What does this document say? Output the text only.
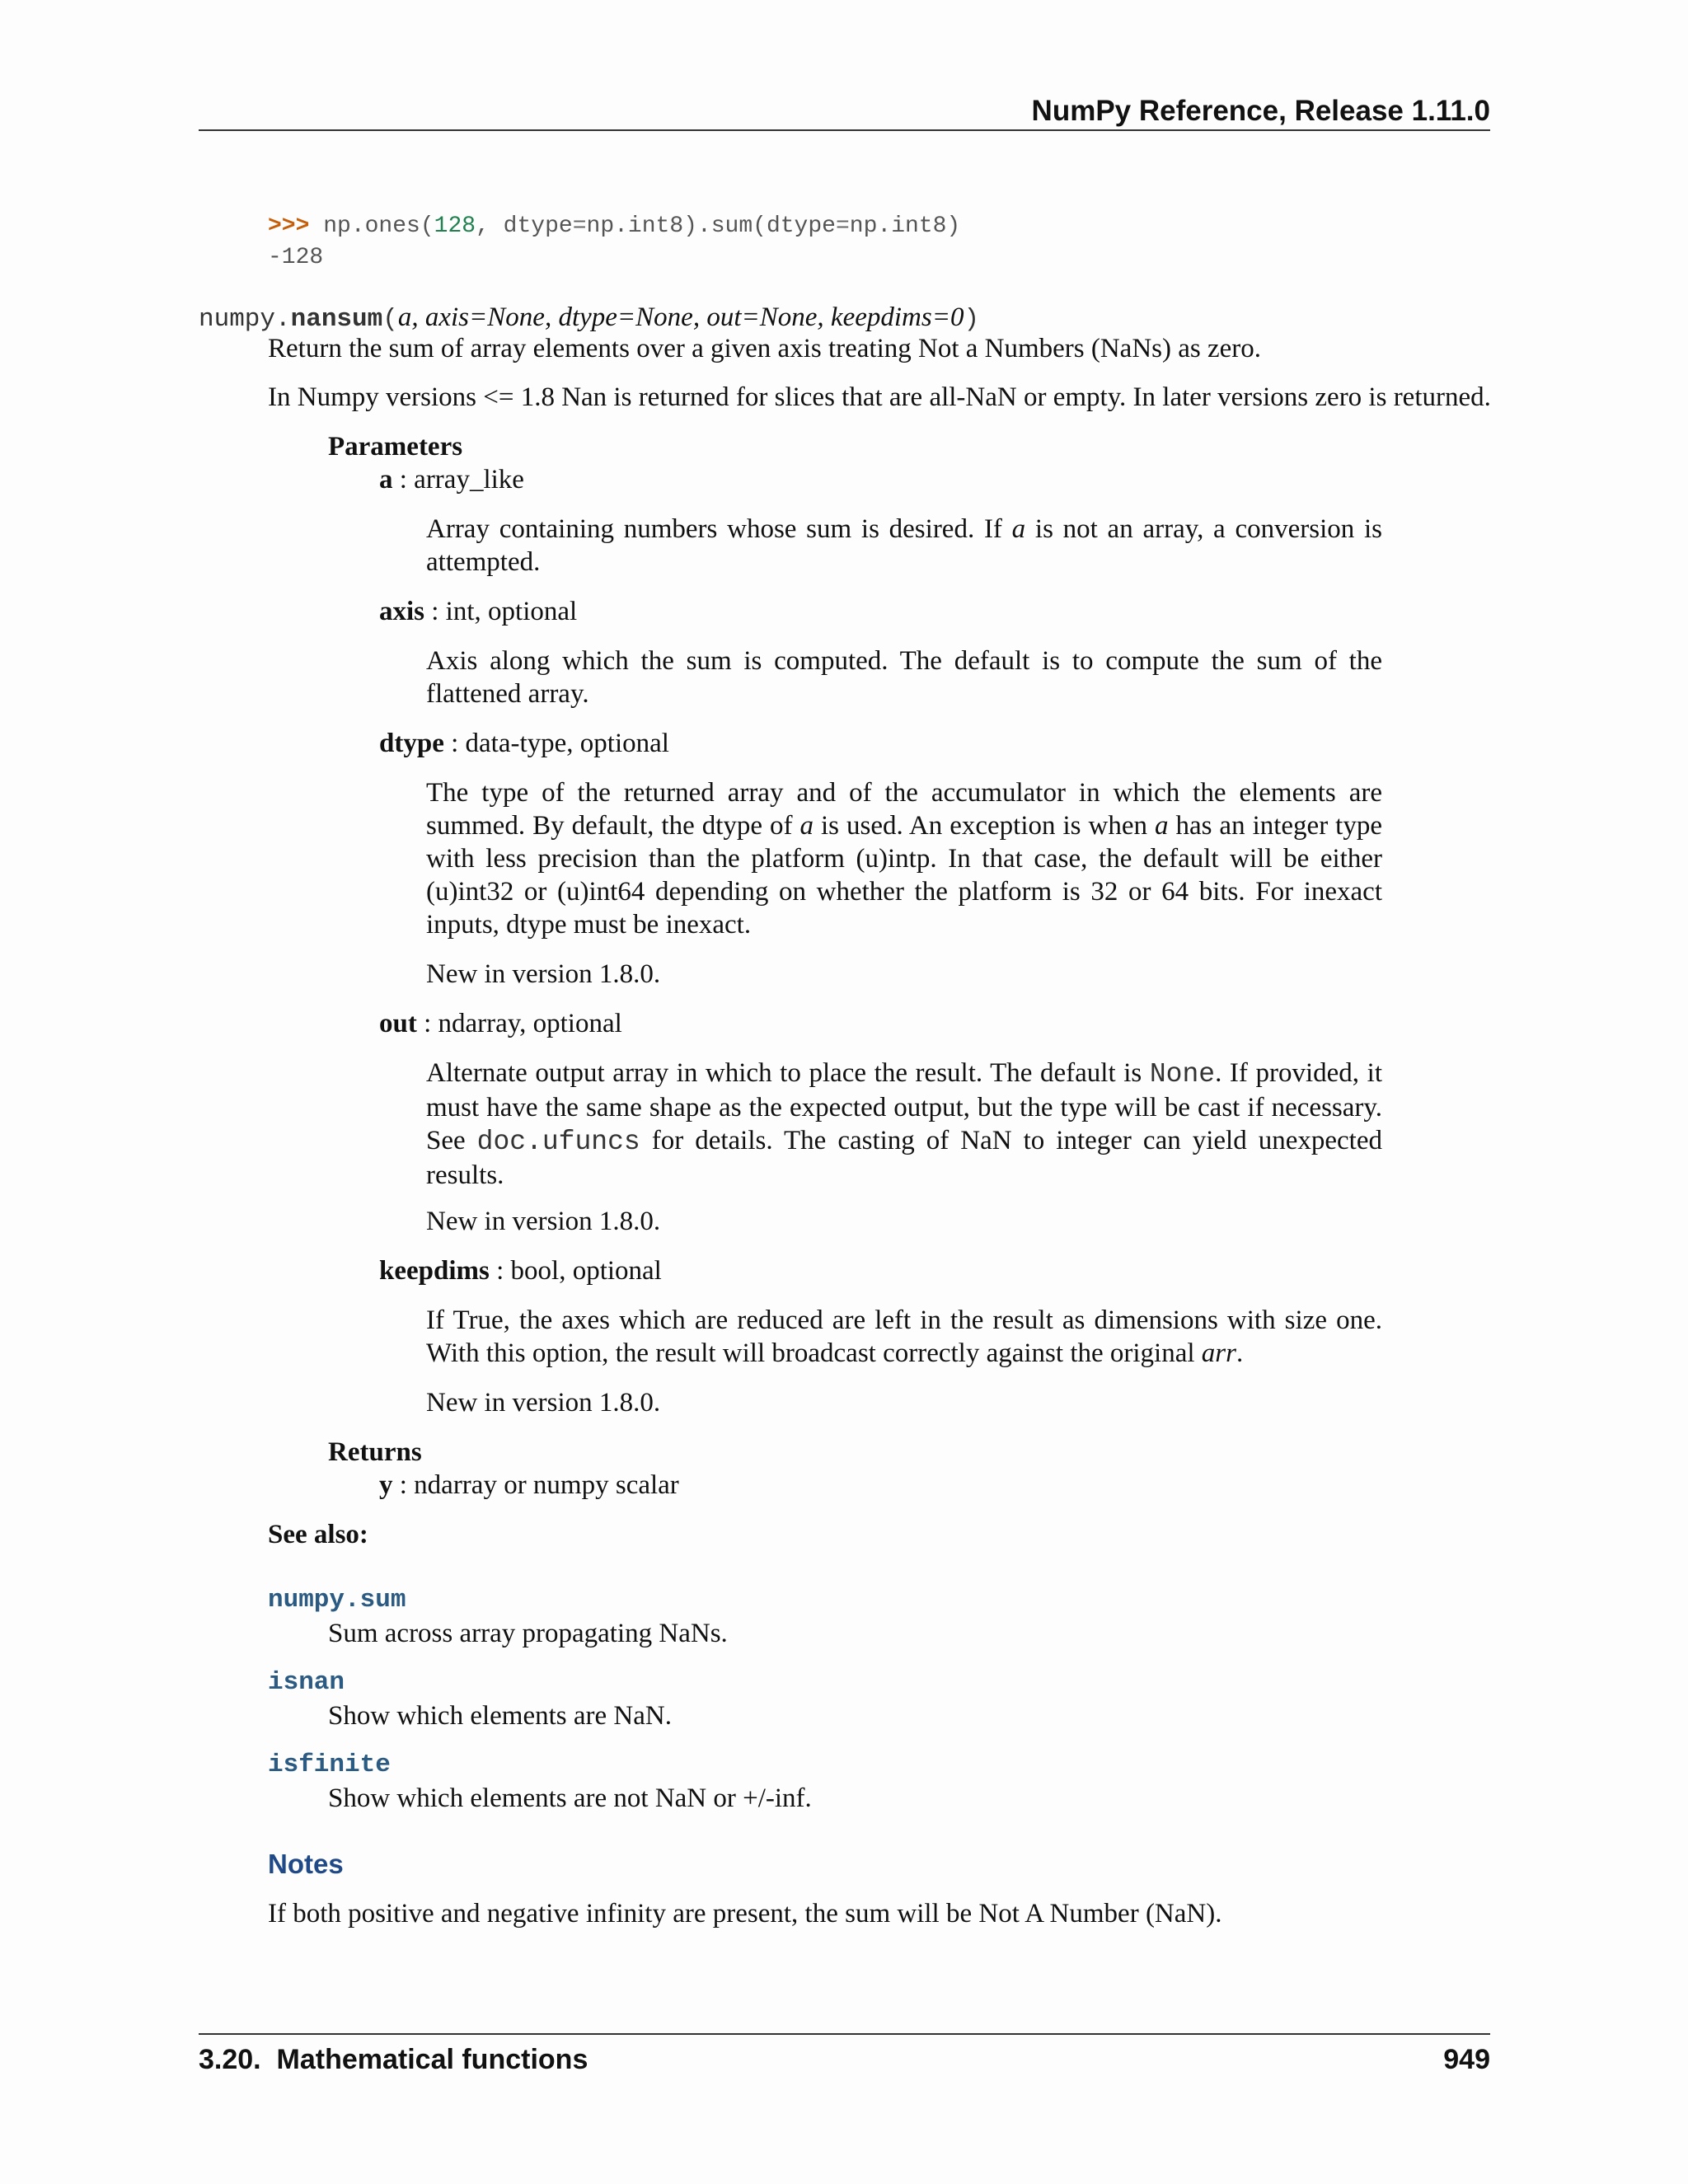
NumPy Reference, Release 1.11.0
>>> np.ones(128, dtype=np.int8).sum(dtype=np.int8)
-128
numpy.nansum(a, axis=None, dtype=None, out=None, keepdims=0)
Return the sum of array elements over a given axis treating Not a Numbers (NaNs) as zero.
In Numpy versions <= 1.8 Nan is returned for slices that are all-NaN or empty. In later versions zero is returned.
Parameters
a : array_like
Array containing numbers whose sum is desired. If a is not an array, a conversion is attempted.
axis : int, optional
Axis along which the sum is computed. The default is to compute the sum of the flattened array.
dtype : data-type, optional
The type of the returned array and of the accumulator in which the elements are summed. By default, the dtype of a is used. An exception is when a has an integer type with less precision than the platform (u)intp. In that case, the default will be either (u)int32 or (u)int64 depending on whether the platform is 32 or 64 bits. For inexact inputs, dtype must be inexact.
New in version 1.8.0.
out : ndarray, optional
Alternate output array in which to place the result. The default is None. If provided, it must have the same shape as the expected output, but the type will be cast if necessary. See doc.ufuncs for details. The casting of NaN to integer can yield unexpected results.
New in version 1.8.0.
keepdims : bool, optional
If True, the axes which are reduced are left in the result as dimensions with size one. With this option, the result will broadcast correctly against the original arr.
New in version 1.8.0.
Returns
y : ndarray or numpy scalar
See also:
numpy.sum
Sum across array propagating NaNs.
isnan
Show which elements are NaN.
isfinite
Show which elements are not NaN or +/-inf.
Notes
If both positive and negative infinity are present, the sum will be Not A Number (NaN).
3.20.  Mathematical functions	949
